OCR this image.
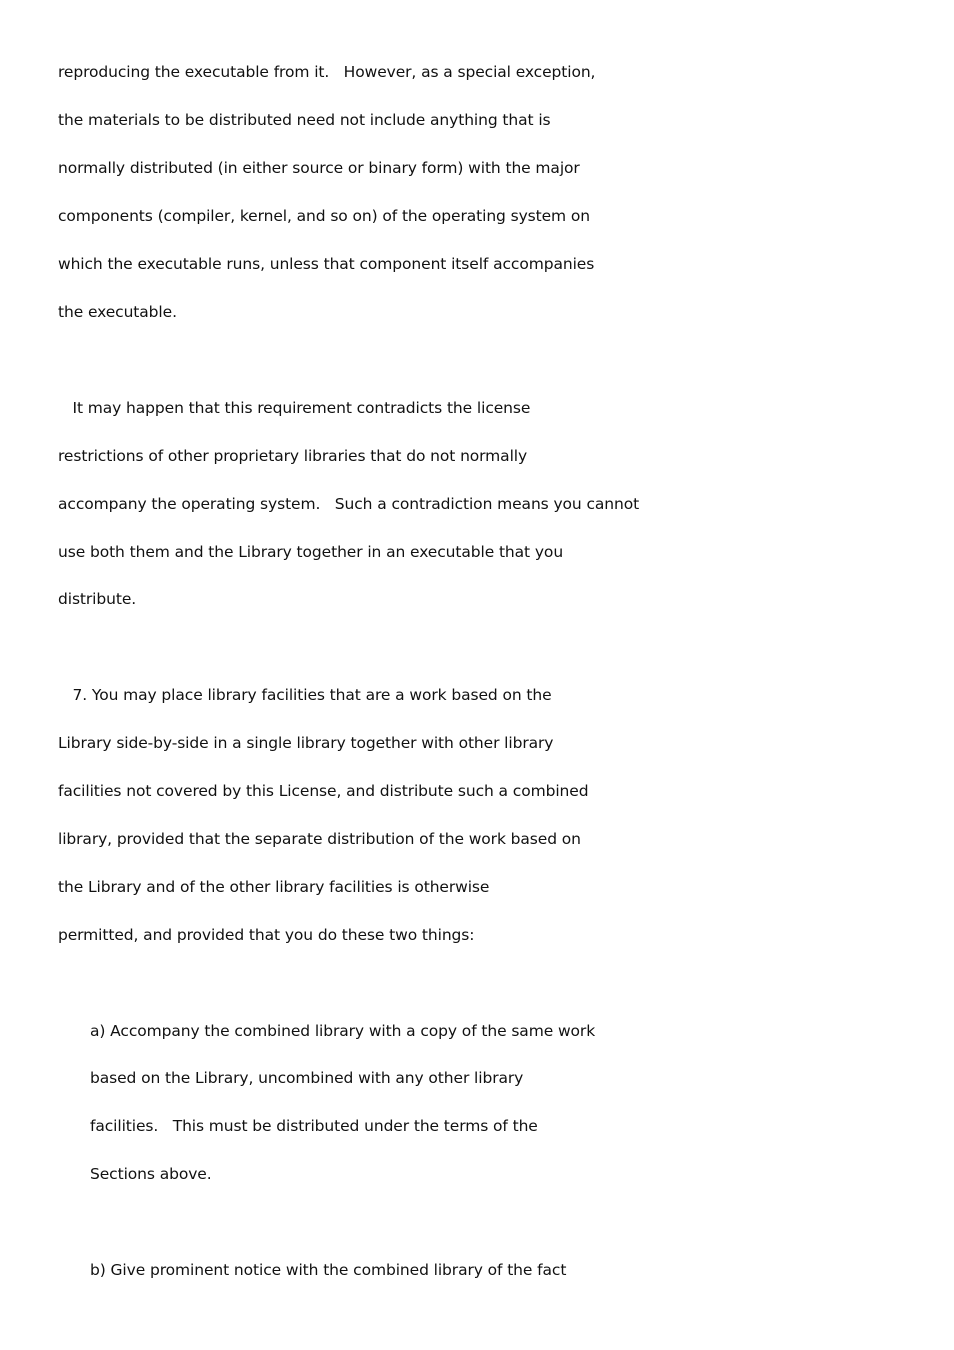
reproducing the executable from it.   However, as a special exception,
the materials to be distributed need not include anything that is
normally distributed (in either source or binary form) with the major
components (compiler, kernel, and so on) of the operating system on
which the executable runs, unless that component itself accompanies
the executable.
It may happen that this requirement contradicts the license
restrictions of other proprietary libraries that do not normally
accompany the operating system.   Such a contradiction means you cannot
use both them and the Library together in an executable that you
distribute.
7. You may place library facilities that are a work based on the
Library side-by-side in a single library together with other library
facilities not covered by this License, and distribute such a combined
library, provided that the separate distribution of the work based on
the Library and of the other library facilities is otherwise
permitted, and provided that you do these two things:
a) Accompany the combined library with a copy of the same work
based on the Library, uncombined with any other library
facilities.   This must be distributed under the terms of the
Sections above.
b) Give prominent notice with the combined library of the fact
